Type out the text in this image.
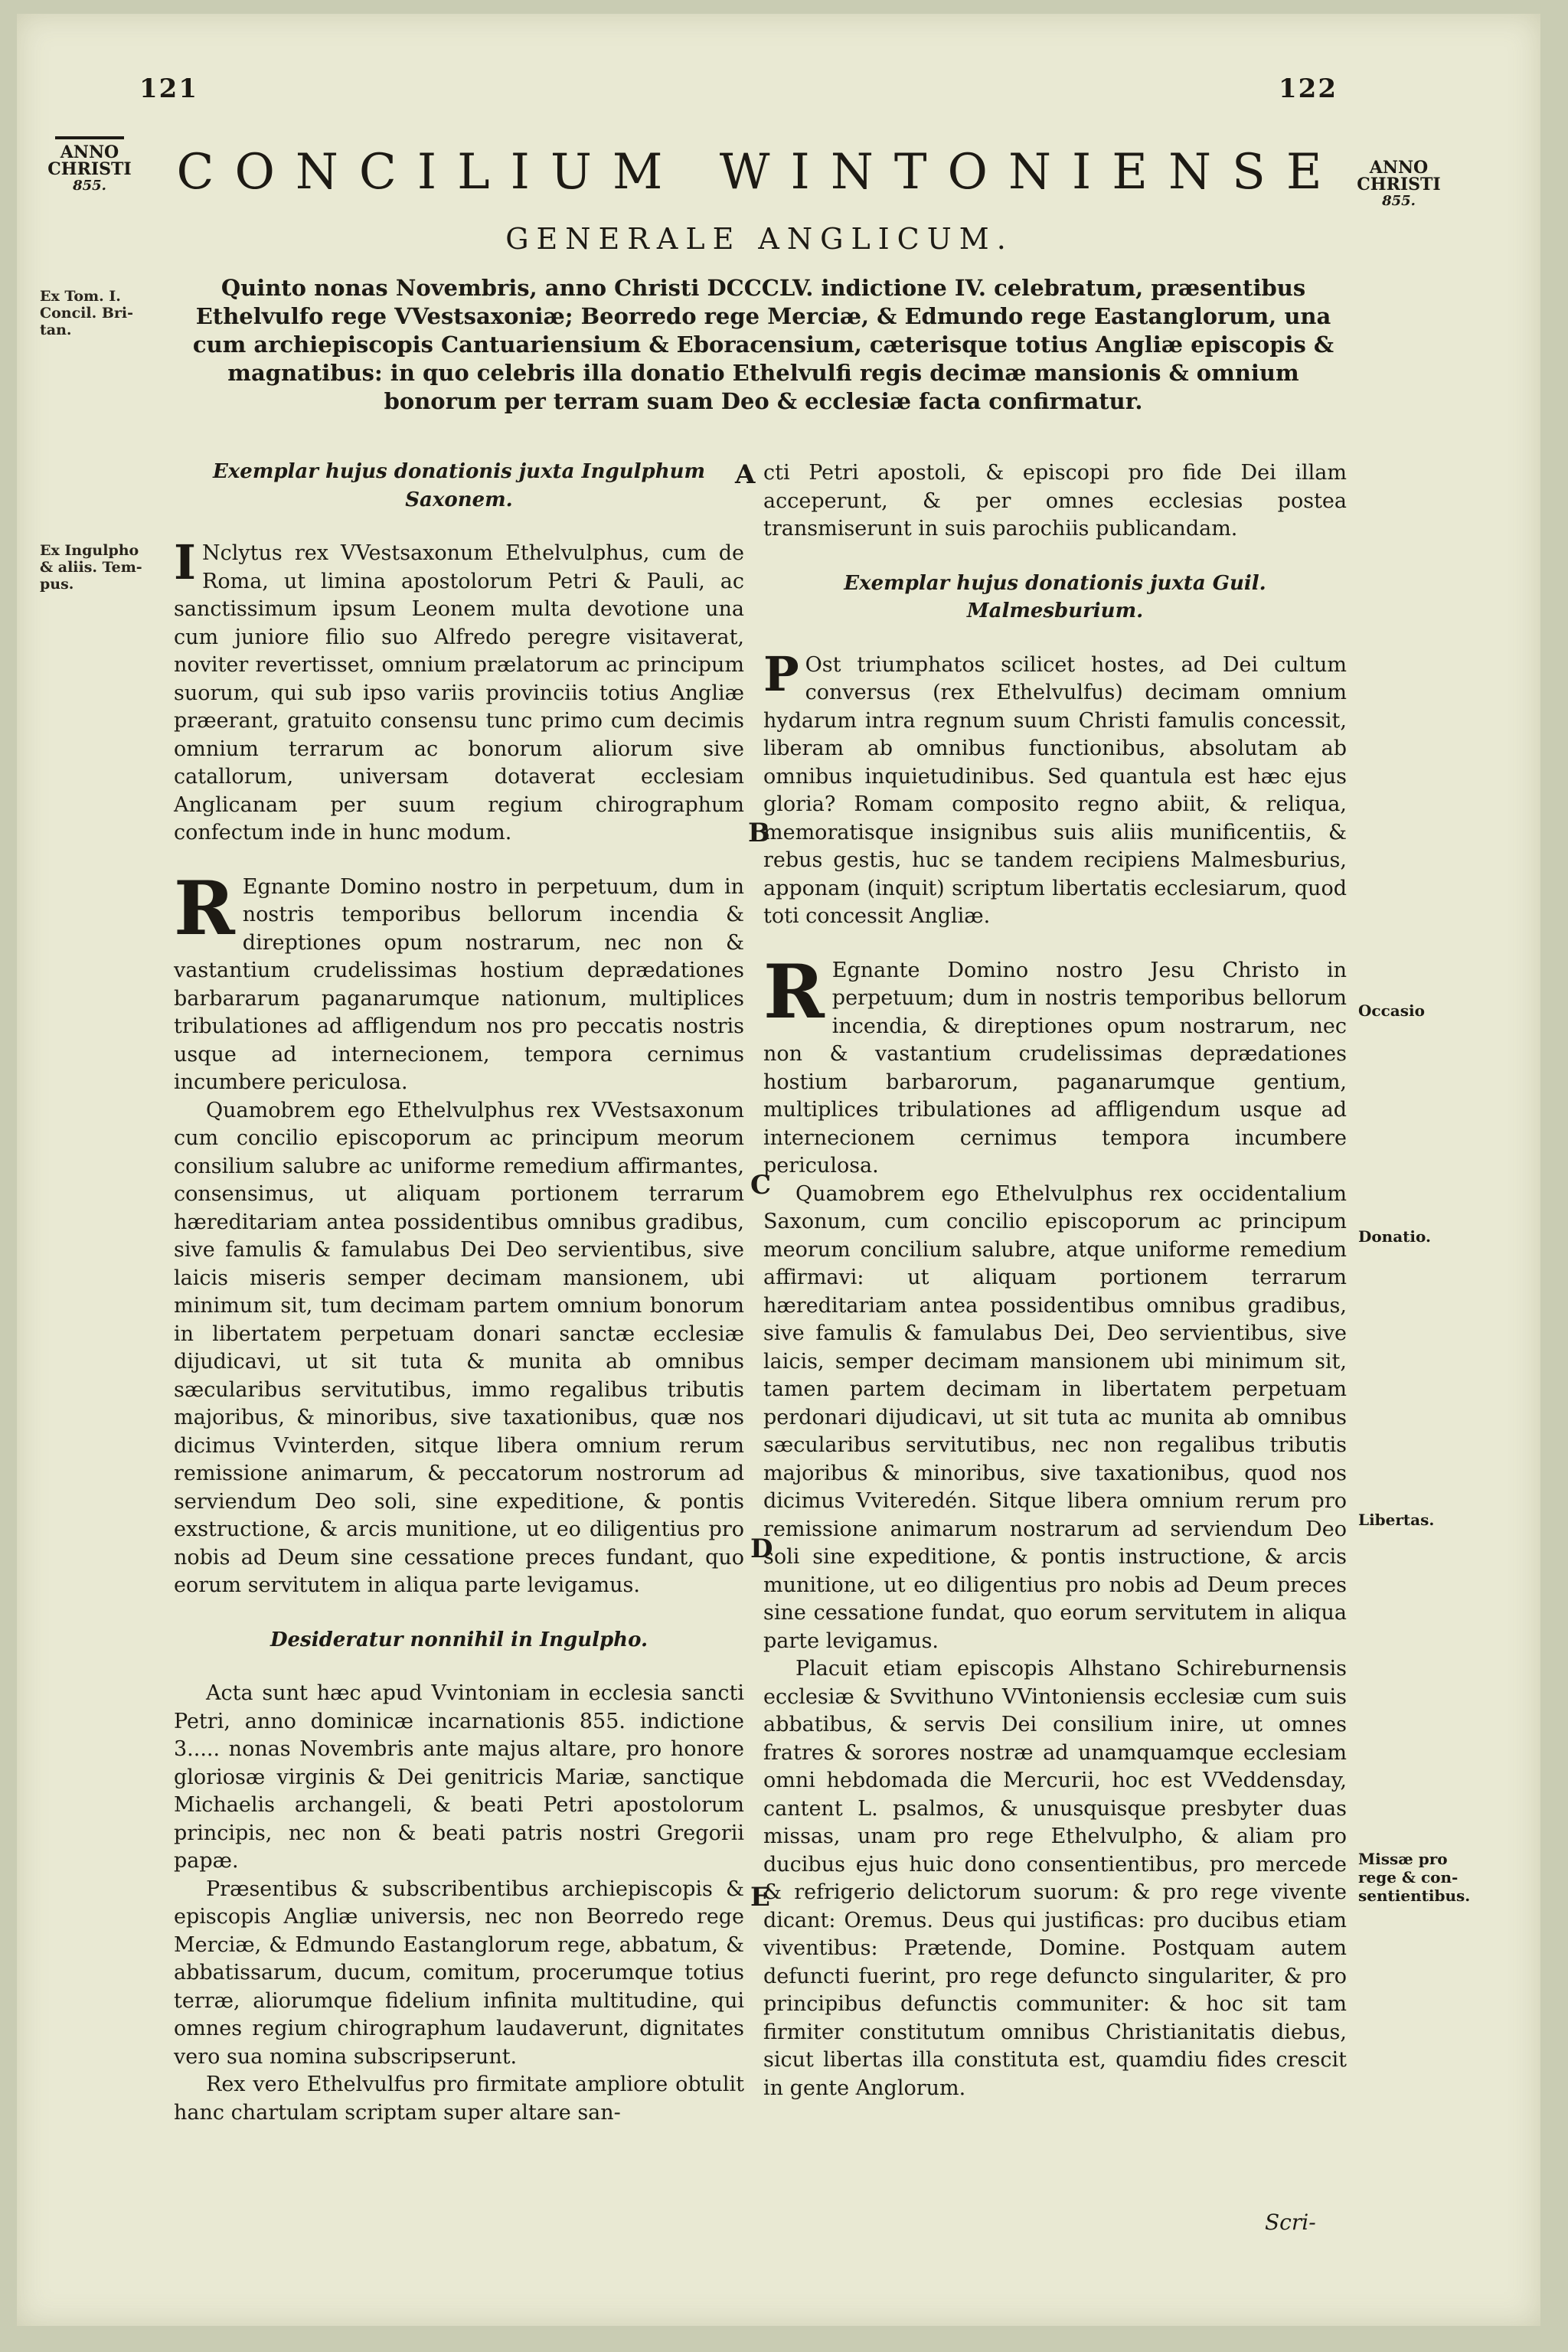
121	122
ANNO
CHRISTI
855.
ANNO
CHRISTI
855.
CONCILIUM WINTONIENSE
GENERALE ANGLICUM.
Ex Tom. I.
Concil. Bri-
tan.
Quinto nonas Novembris, anno Christi DCCCLV. indictione IV. celebratum, præsentibus Ethelvulfo rege VVestsaxoniæ; Beorredo rege Merciæ, & Edmundo rege Eastanglorum, una cum archiepiscopis Cantuariensium & Eboracensium, cæterisque totius Angliæ episcopis & magnatibus: in quo celebris illa donatio Ethelvulfi regis decimæ mansionis & omnium bonorum per terram suam Deo & ecclesiæ facta confirmatur.
Ex Ingulpho
& aliis. Tem-
pus.
Exemplar hujus donationis juxta Ingulphum Saxonem.

I Nclytus rex VVestsaxonum Ethelvulphus, cum de Roma, ut limina apostolorum Petri & Pauli, ac sanctissimum ipsum Leonem multa devotione una cum juniore filio suo Alfredo peregre visitaverat, noviter revertisset, omnium prælatorum ac principum suorum, qui sub ipso variis provinciis totius Angliæ præerant, gratuito consensu tunc primo cum decimis omnium terrarum ac bonorum aliorum sive catallorum, universam dotaverat ecclesiam Anglicanam per suum regium chirographum confectum inde in hunc modum.

R Egnante Domino nostro in perpetuum, dum in nostris temporibus bellorum incendia & direptiones opum nostrarum, nec non & vastantium crudelissimas hostium deprædationes barbararum paganarumque nationum, multiplices tribulationes ad affligendum nos pro peccatis nostris usque ad internecionem, tempora cernimus incumbere periculosa.

Quamobrem ego Ethelvulphus rex VVestsaxonum cum concilio episcoporum ac principum meorum consilium salubre ac uniforme remedium affirmantes, consensimus, ut aliquam portionem terrarum hæreditariam antea possidentibus omnibus gradibus, sive famulis & famulabus Dei Deo servientibus, sive laicis miseris semper decimam mansionem, ubi minimum sit, tum decimam partem omnium bonorum in libertatem perpetuam donari sanctæ ecclesiæ dijudicavi, ut sit tuta & munita ab omnibus sæcularibus servitutibus, immo regalibus tributis majoribus, & minoribus, sive taxationibus, quæ nos dicimus Vvinterden, sitque libera omnium rerum remissione animarum, & peccatorum nostrorum ad serviendum Deo soli, sine expeditione, & pontis exstructione, & arcis munitione, ut eo diligentius pro nobis ad Deum sine cessatione preces fundant, quo eorum servitutem in aliqua parte levigamus.

Desideratur nonnihil in Ingulpho.

Acta sunt hæc apud Vvintoniam in ecclesia sancti Petri, anno dominicæ incarnationis 855. indictione 3..... nonas Novembris ante majus altare, pro honore gloriosæ virginis & Dei genitricis Mariæ, sanctique Michaelis archangeli, & beati Petri apostolorum principis, nec non & beati patris nostri Gregorii papæ.

Præsentibus & subscribentibus archiepiscopis & episcopis Angliæ universis, nec non Beorredo rege Merciæ, & Edmundo Eastanglorum rege, abbatum, & abbatissarum, ducum, comitum, procerumque totius terræ, aliorumque fidelium infinita multitudine, qui omnes regium chirographum laudaverunt, dignitates vero sua nomina subscripserunt.

Rex vero Ethelvulfus pro firmitate ampliore obtulit hanc chartulam scriptam super altare san-

cti Petri apostoli, & episcopi pro fide Dei illam acceperunt, & per omnes ecclesias postea transmiserunt in suis parochiis publicandam.

Exemplar hujus donationis juxta Guil. Malmesburium.

P Ost triumphatos scilicet hostes, ad Dei cultum conversus (rex Ethelvulfus) decimam omnium hydarum intra regnum suum Christi famulis concessit, liberam ab omnibus functionibus, absolutam ab omnibus inquietudinibus. Sed quantula est hæc ejus gloria? Romam composito regno abiit, & reliqua, memoratisque insignibus suis aliis munificentiis, & rebus gestis, huc se tandem recipiens Malmesburius, apponam (inquit) scriptum libertatis ecclesiarum, quod toti concessit Angliæ.

R Egnante Domino nostro Jesu Christo in perpetuum; dum in nostris temporibus bellorum incendia, & direptiones opum nostrarum, nec non & vastantium crudelissimas deprædationes hostium barbarorum, paganarumque gentium, multiplices tribulationes ad affligendum usque ad internecionem cernimus tempora incumbere periculosa.

Quamobrem ego Ethelvulphus rex occidentalium Saxonum, cum concilio episcoporum ac principum meorum concilium salubre, atque uniforme remedium affirmavi: ut aliquam portionem terrarum hæreditariam antea possidentibus omnibus gradibus, sive famulis & famulabus Dei, Deo servientibus, sive laicis, semper decimam mansionem ubi minimum sit, tamen partem decimam in libertatem perpetuam perdonari dijudicavi, ut sit tuta ac munita ab omnibus sæcularibus servitutibus, nec non regalibus tributis majoribus & minoribus, sive taxationibus, quod nos dicimus Vviteredén. Sitque libera omnium rerum pro remissione animarum nostrarum ad serviendum Deo soli sine expeditione, & pontis instructione, & arcis munitione, ut eo diligentius pro nobis ad Deum preces sine cessatione fundat, quo eorum servitutem in aliqua parte levigamus.

Placuit etiam episcopis Alhstano Schireburnensis ecclesiæ & Svvithuno VVintoniensis ecclesiæ cum suis abbatibus, & servis Dei consilium inire, ut omnes fratres & sorores nostræ ad unamquamque ecclesiam omni hebdomada die Mercurii, hoc est VVeddensday, cantent L. psalmos, & unusquisque presbyter duas missas, unam pro rege Ethelvulpho, & aliam pro ducibus ejus huic dono consentientibus, pro mercede & refrigerio delictorum suorum: & pro rege vivente dicant: Oremus. Deus qui justificas: pro ducibus etiam viventibus: Prætende, Domine. Postquam autem defuncti fuerint, pro rege defuncto singulariter, & pro principibus defunctis communiter: & hoc sit tam firmiter constitutum omnibus Christianitatis diebus, sicut libertas illa constituta est, quamdiu fides crescit in gente Anglorum.

Scri-
A
B
C
D
E
Occasio
Donatio.
Libertas.
Missæ pro
rege & con-
sentientibus.
